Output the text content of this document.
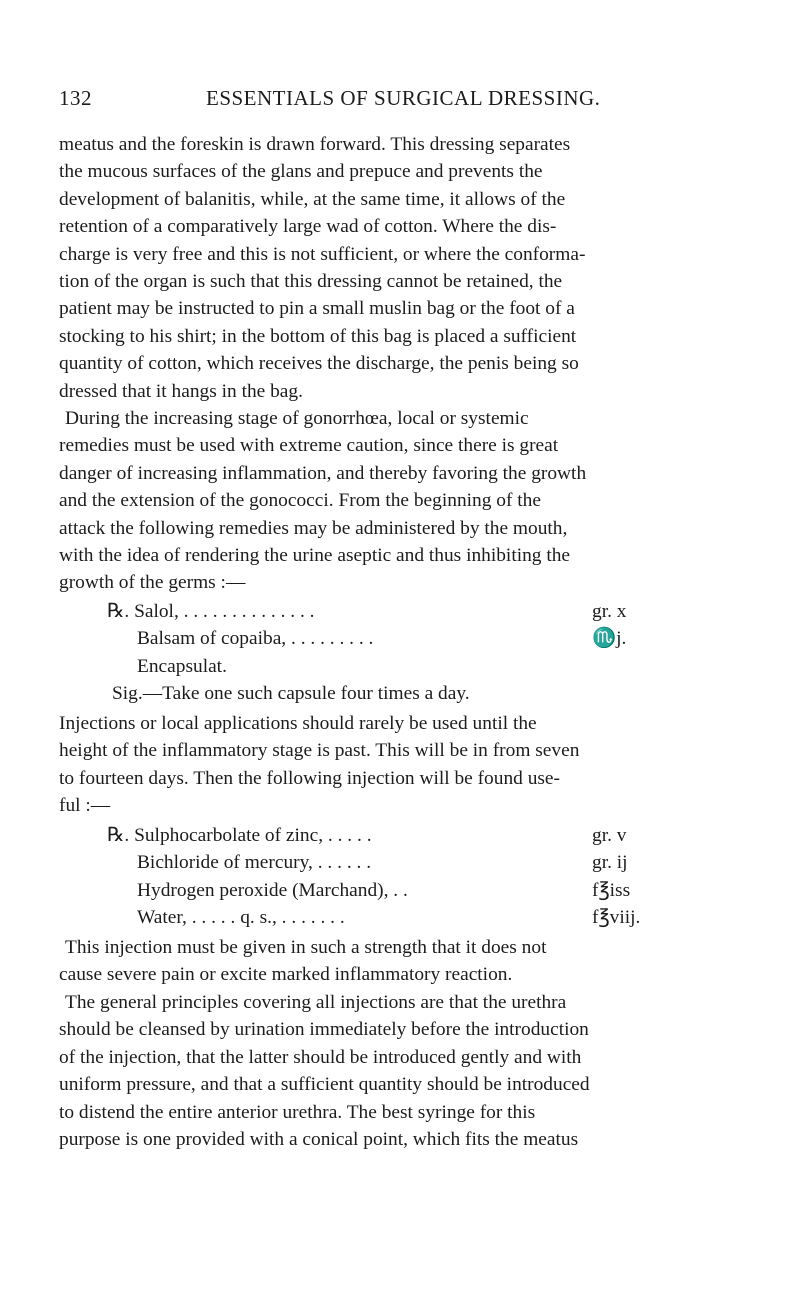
132	ESSENTIALS OF SURGICAL DRESSING.
meatus and the foreskin is drawn forward. This dressing separates
the mucous surfaces of the glans and prepuce and prevents the
development of balanitis, while, at the same time, it allows of the
retention of a comparatively large wad of cotton. Where the dis-
charge is very free and this is not sufficient, or where the conforma-
tion of the organ is such that this dressing cannot be retained, the
patient may be instructed to pin a small muslin bag or the foot of a
stocking to his shirt; in the bottom of this bag is placed a sufficient
quantity of cotton, which receives the discharge, the penis being so
dressed that it hangs in the bag.
During the increasing stage of gonorrhœa, local or systemic
remedies must be used with extreme caution, since there is great
danger of increasing inflammation, and thereby favoring the growth
and the extension of the gonococci. From the beginning of the
attack the following remedies may be administered by the mouth,
with the idea of rendering the urine aseptic and thus inhibiting the
growth of the germs :—
℞. Salol, . . . . . . . . . . . . . .	gr. x
Balsam of copaiba, . . . . . . . . .	♏j.
Encapsulat.
Sig.—Take one such capsule four times a day.
Injections or local applications should rarely be used until the
height of the inflammatory stage is past. This will be in from seven
to fourteen days. Then the following injection will be found use-
ful :—
℞. Sulphocarbolate of zinc, . . . . .	gr. v
Bichloride of mercury, . . . . . .	gr. ij
Hydrogen peroxide (Marchand), . .	f℥iss
Water, . . . . . q. s., . . . . . . .	f℥viij.
This injection must be given in such a strength that it does not
cause severe pain or excite marked inflammatory reaction.
The general principles covering all injections are that the urethra
should be cleansed by urination immediately before the introduction
of the injection, that the latter should be introduced gently and with
uniform pressure, and that a sufficient quantity should be introduced
to distend the entire anterior urethra. The best syringe for this
purpose is one provided with a conical point, which fits the meatus
